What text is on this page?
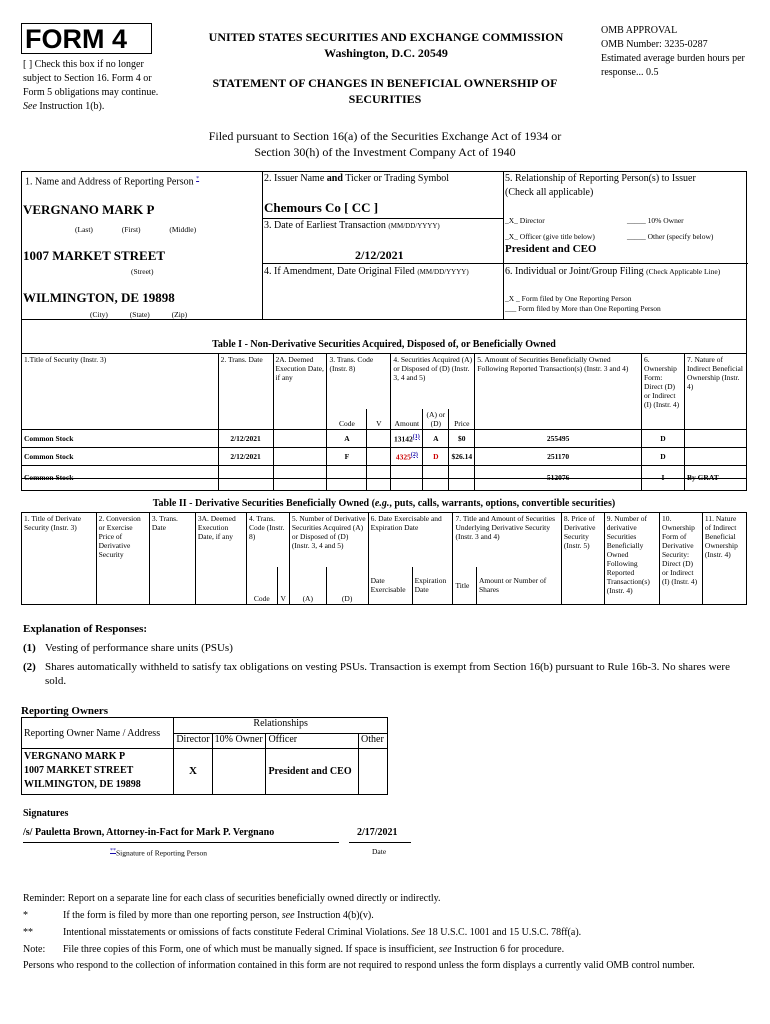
FORM 4
[ ] Check this box if no longer subject to Section 16. Form 4 or Form 5 obligations may continue. See Instruction 1(b).
UNITED STATES SECURITIES AND EXCHANGE COMMISSION
Washington, D.C. 20549
STATEMENT OF CHANGES IN BENEFICIAL OWNERSHIP OF SECURITIES
OMB APPROVAL
OMB Number: 3235-0287
Estimated average burden hours per response... 0.5
Filed pursuant to Section 16(a) of the Securities Exchange Act of 1934 or
Section 30(h) of the Investment Company Act of 1940
1. Name and Address of Reporting Person *
VERGNANO MARK P
(Last)	(First)	(Middle)
1007 MARKET STREET
(Street)
WILMINGTON, DE 19898
(City)	(State)	(Zip)
2. Issuer Name and Ticker or Trading Symbol
Chemours Co [ CC ]
3. Date of Earliest Transaction (MM/DD/YYYY)
2/12/2021
4. If Amendment, Date Original Filed (MM/DD/YYYY)
5. Relationship of Reporting Person(s) to Issuer
(Check all applicable)
_X_ Director	_____ 10% Owner
_X_ Officer (give title below)	_____ Other (specify below)
President and CEO
6. Individual or Joint/Group Filing (Check Applicable Line)
_X _ Form filed by One Reporting Person
___ Form filed by More than One Reporting Person
Table I - Non-Derivative Securities Acquired, Disposed of, or Beneficially Owned
1.Title of Security (Instr. 3)	2. Trans. Date	2A. Deemed Execution Date, if any	3. Trans. Code (Instr. 8)		4. Securities Acquired (A) or Disposed of (D) (Instr. 3, 4 and 5)			5. Amount of Securities Beneficially Owned Following Reported Transaction(s) (Instr. 3 and 4)	6. Ownership Form: Direct (D) or Indirect (I) (Instr. 4)	7. Nature of Indirect Beneficial Ownership (Instr. 4)
			Code	V	Amount	(A) or (D)	Price			
Common Stock	2/12/2021		A		13142$^{(1)}$	A	$0	255495	D	
Common Stock	2/12/2021		F		4325$^{(2)}$	D	$26.14	251170	D	
Common Stock								512076	I	By GRAT
Table II - Derivative Securities Beneficially Owned (e.g., puts, calls, warrants, options, convertible securities)
1. Title of Derivate Security (Instr. 3)	2. Conversion or Exercise Price of Derivative Security	3. Trans. Date	3A. Deemed Execution Date, if any	4. Trans. Code (Instr. 8)		5. Number of Derivative Securities Acquired (A) or Disposed of (D) (Instr. 3, 4 and 5)		6. Date Exercisable and Expiration Date		7. Title and Amount of Securities Underlying Derivative Security (Instr. 3 and 4)		8. Price of Derivative Security (Instr. 5)	9. Number of derivative Securities Beneficially Owned Following Reported Transaction(s) (Instr. 4)	10. Ownership Form of Derivative Security: Direct (D) or Indirect (I) (Instr. 4)	11. Nature of Indirect Beneficial Ownership (Instr. 4)
				Code	V	(A)	(D)	Date Exercisable	Expiration Date	Title	Amount or Number of Shares				
Explanation of Responses:
(1) Vesting of performance share units (PSUs)
(2) Shares automatically withheld to satisfy tax obligations on vesting PSUs. Transaction is exempt from Section 16(b) pursuant to Rule 16b-3. No shares were sold.
Reporting Owners
Reporting Owner Name / Address	Relationships			
	Director	10% Owner	Officer	Other

VERGNANO MARK P
1007 MARKET STREET
WILMINGTON, DE 19898	X		President and CEO	
Signatures
/s/ Pauletta Brown, Attorney-in-Fact for Mark P. Vergnano	2/17/2021
**Signature of Reporting Person	Date
Reminder: Report on a separate line for each class of securities beneficially owned directly or indirectly.
*	If the form is filed by more than one reporting person, see Instruction 4(b)(v).
**	Intentional misstatements or omissions of facts constitute Federal Criminal Violations. See 18 U.S.C. 1001 and 15 U.S.C. 78ff(a).
Note: File three copies of this Form, one of which must be manually signed. If space is insufficient, see Instruction 6 for procedure.
Persons who respond to the collection of information contained in this form are not required to respond unless the form displays a currently valid OMB control number.
